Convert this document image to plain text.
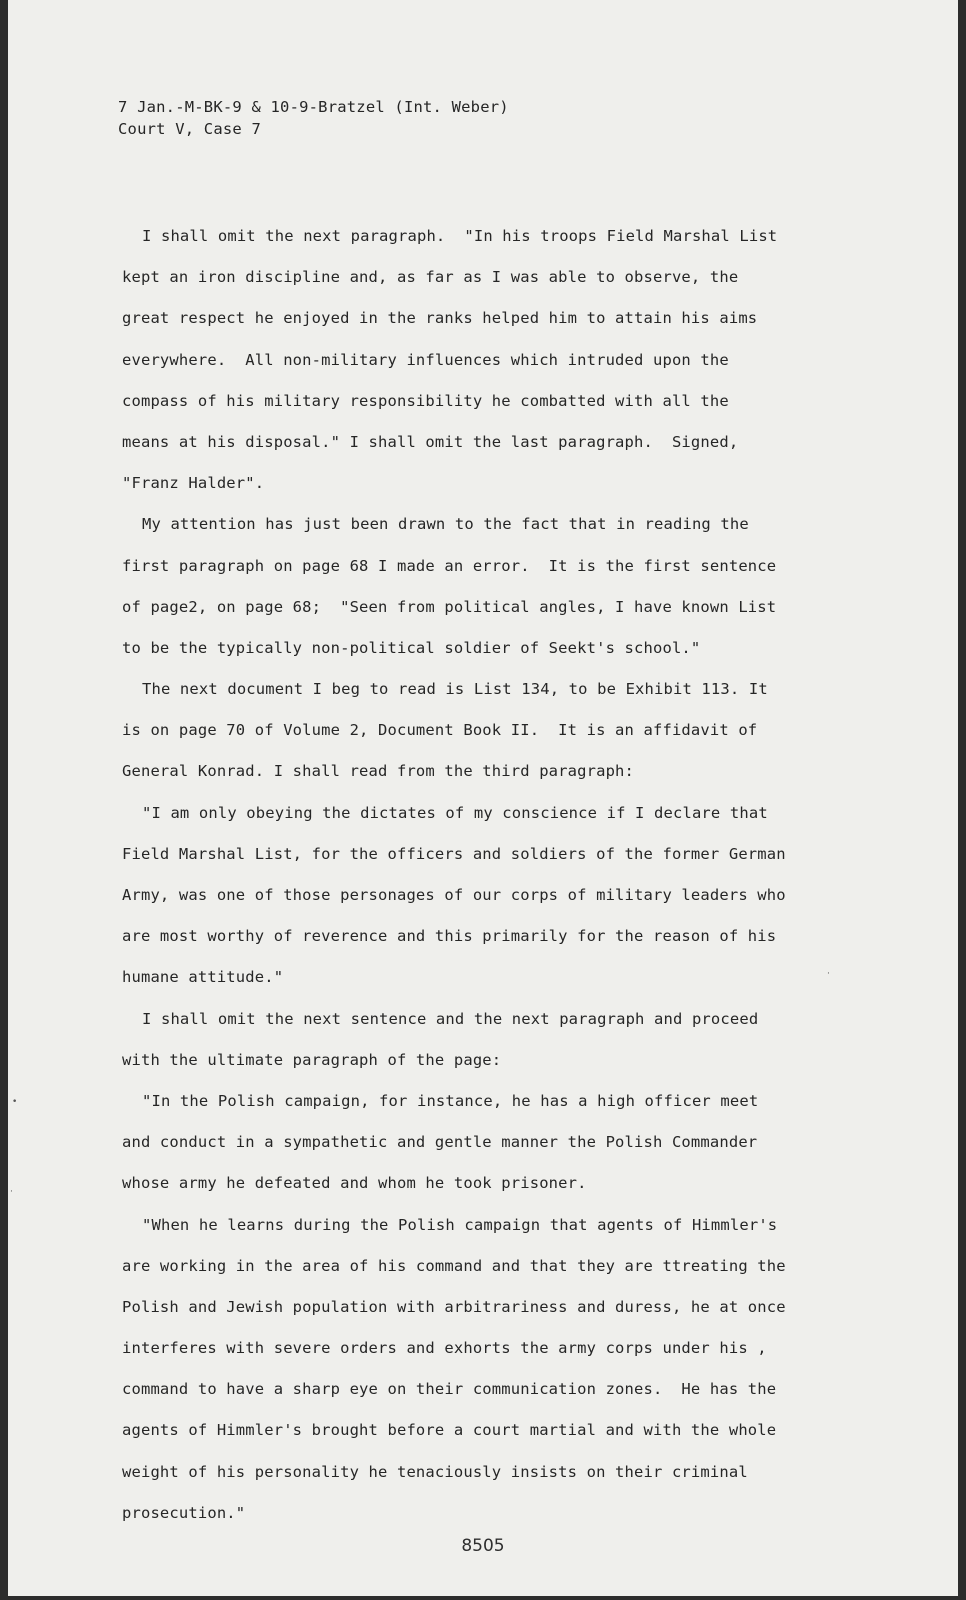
7 Jan.-M-BK-9 & 10-9-Bratzel (Int. Weber)
Court V, Case 7
I shall omit the next paragraph.  "In his troops Field Marshal List
kept an iron discipline and, as far as I was able to observe, the
great respect he enjoyed in the ranks helped him to attain his aims
everywhere.  All non-military influences which intruded upon the
compass of his military responsibility he combatted with all the
means at his disposal." I shall omit the last paragraph.  Signed,
"Franz Halder".
My attention has just been drawn to the fact that in reading the
first paragraph on page 68 I made an error.  It is the first sentence
of page2, on page 68;  "Seen from political angles, I have known List
to be the typically non-political soldier of Seekt's school."
The next document I beg to read is List 134, to be Exhibit 113. It
is on page 70 of Volume 2, Document Book II.  It is an affidavit of
General Konrad. I shall read from the third paragraph:
"I am only obeying the dictates of my conscience if I declare that
Field Marshal List, for the officers and soldiers of the former German
Army, was one of those personages of our corps of military leaders who
are most worthy of reverence and this primarily for the reason of his
humane attitude."
I shall omit the next sentence and the next paragraph and proceed
with the ultimate paragraph of the page:
"In the Polish campaign, for instance, he has a high officer meet
and conduct in a sympathetic and gentle manner the Polish Commander
whose army he defeated and whom he took prisoner.
"When he learns during the Polish campaign that agents of Himmler's
are working in the area of his command and that they are ttreating the
Polish and Jewish population with arbitrariness and duress, he at once
interferes with severe orders and exhorts the army corps under his ,
command to have a sharp eye on their communication zones.  He has the
agents of Himmler's brought before a court martial and with the whole
weight of his personality he tenaciously insists on their criminal
prosecution."
8505
•
·
·
